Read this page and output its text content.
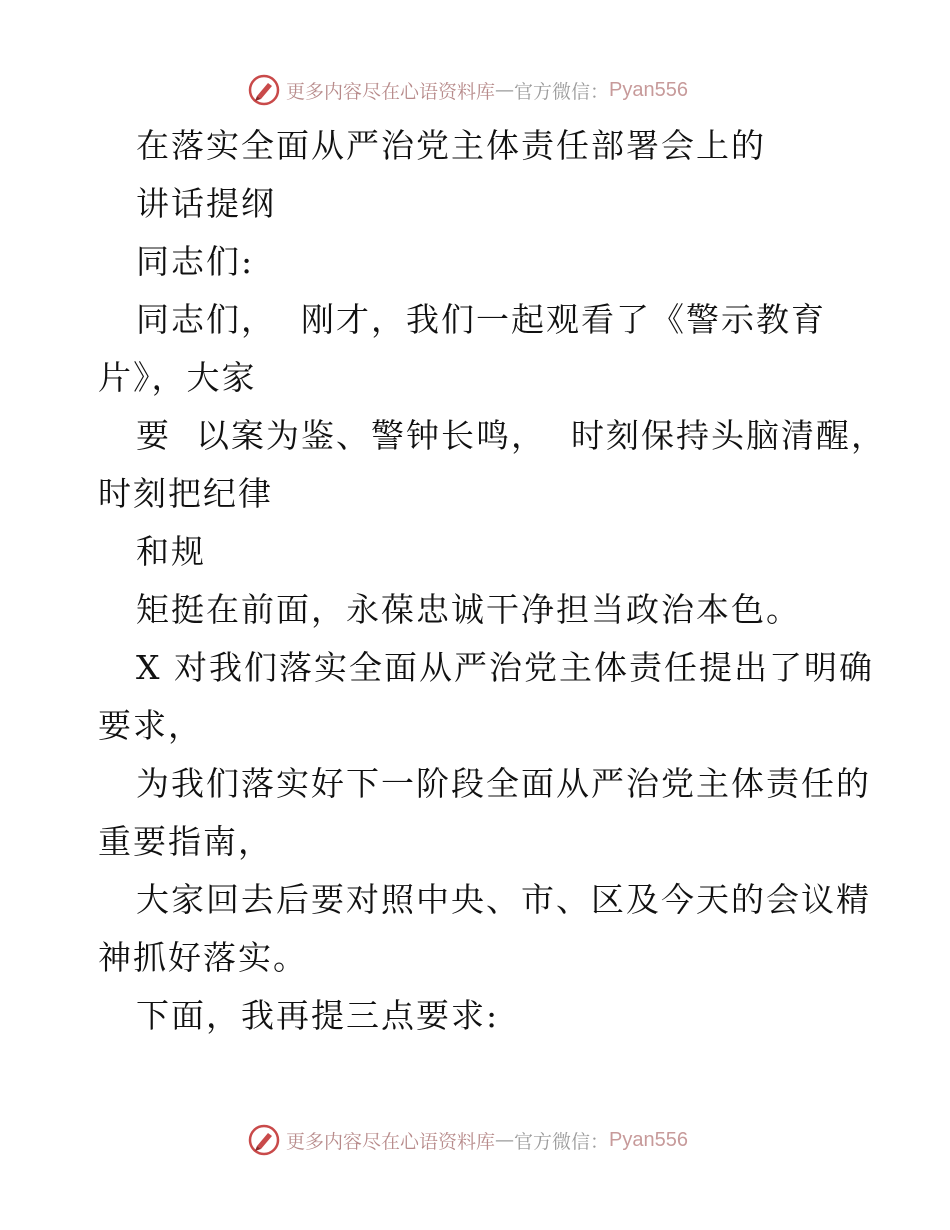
更多内容尽在心语资料库 — 官方微信： Pyan556
在落实全面从严治党主体责任部署会上的
讲话提纲
同志们:
同志们，  刚才，我们一起观看了《警示教育
片》，大家
要  以案为鉴、警钟长鸣，  时刻保持头脑清醒，
时刻把纪律
和规
矩挺在前面，永葆忠诚干净担当政治本色。
X 对我们落实全面从严治党主体责任提出了明确
要求，
为我们落实好下一阶段全面从严治党主体责任的
重要指南，
大家回去后要对照中央、市、区及今天的会议精
神抓好落实。
下面，我再提三点要求:
更多内容尽在心语资料库 — 官方微信： Pyan556
